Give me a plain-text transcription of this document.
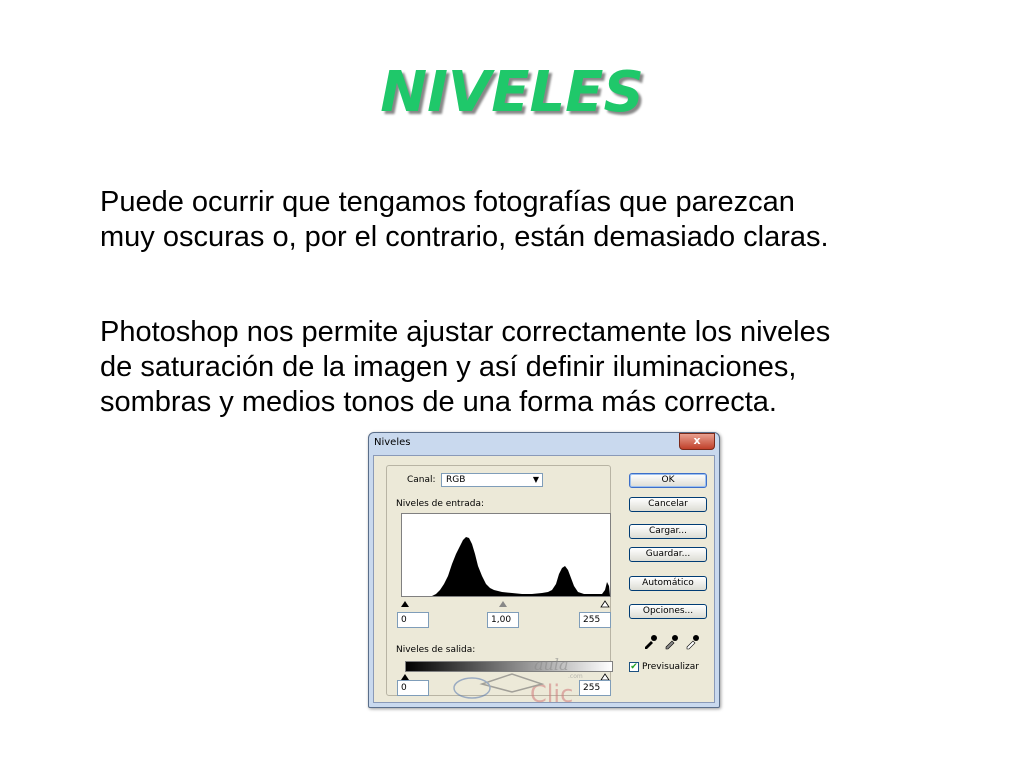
NIVELES

Puede ocurrir que tengamos fotografías que parezcan
muy oscuras o, por el contrario, están demasiado claras.

Photoshop nos permite ajustar correctamente los niveles
de saturación de la imagen y así definir iluminaciones,
sombras y medios tonos de una forma más correcta.

Niveles	x
Canal: RGB	▼
Niveles de entrada:
0	1,00	255
Niveles de salida:
0	255
OK
Cancelar
Cargar...
Guardar...
Automático
Opciones...
✔ Previsualizar
aula
.com
Clic
